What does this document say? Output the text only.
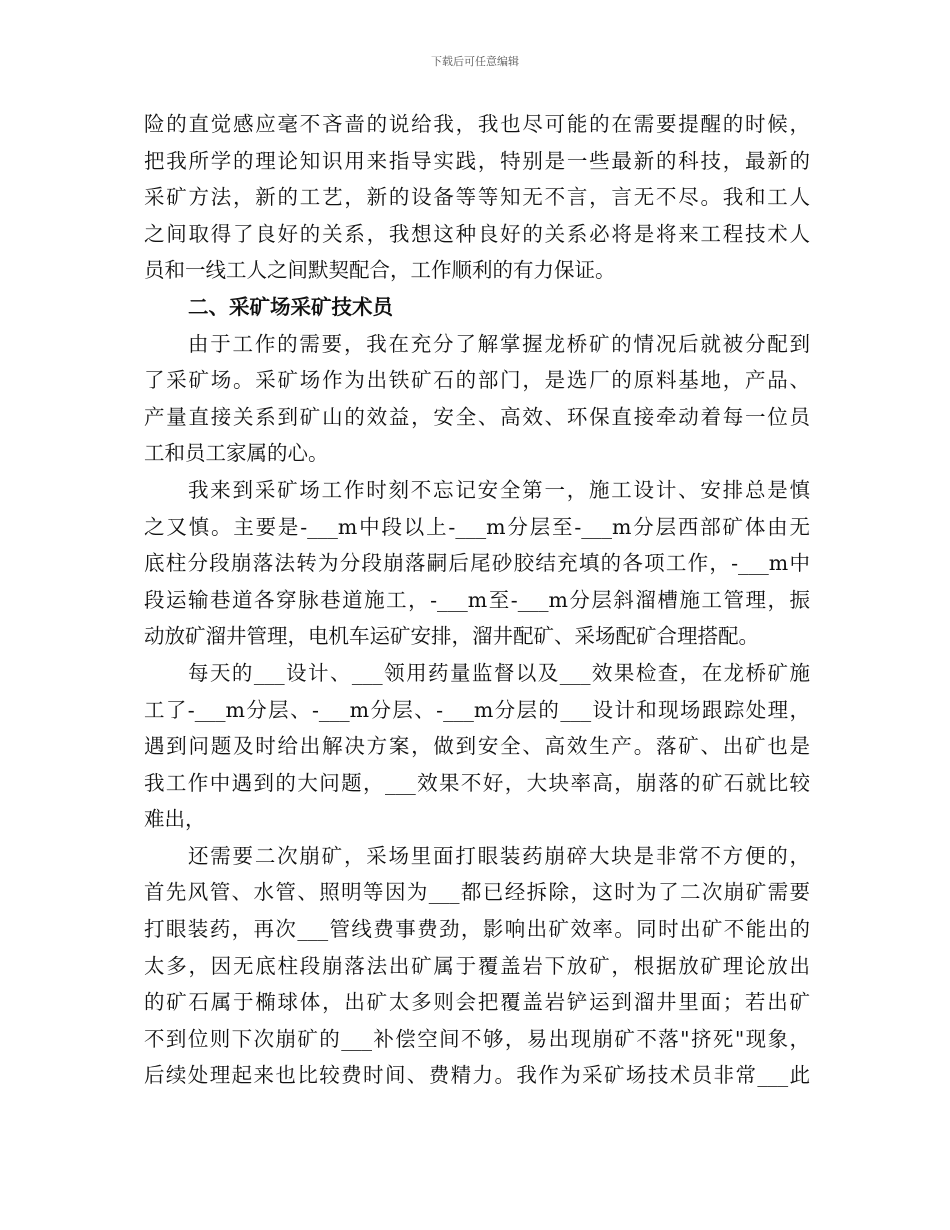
下载后可任意编辑
险的直觉感应毫不吝啬的说给我，我也尽可能的在需要提醒的时候，
把我所学的理论知识用来指导实践，特别是一些最新的科技，最新的
采矿方法，新的工艺，新的设备等等知无不言，言无不尽。我和工人
之间取得了良好的关系，我想这种良好的关系必将是将来工程技术人
员和一线工人之间默契配合，工作顺利的有力保证。
二、采矿场采矿技术员
由于工作的需要，我在充分了解掌握龙桥矿的情况后就被分配到
了采矿场。采矿场作为出铁矿石的部门，是选厂的原料基地，产品、
产量直接关系到矿山的效益，安全、高效、环保直接牵动着每一位员
工和员工家属的心。
我来到采矿场工作时刻不忘记安全第一，施工设计、安排总是慎
之又慎。主要是-___m中段以上-___m分层至-___m分层西部矿体由无
底柱分段崩落法转为分段崩落嗣后尾砂胶结充填的各项工作，-___m中
段运输巷道各穿脉巷道施工，-___m至-___m分层斜溜槽施工管理，振
动放矿溜井管理，电机车运矿安排，溜井配矿、采场配矿合理搭配。
每天的___设计、___领用药量监督以及___效果检查，在龙桥矿施
工了-___m分层、-___m分层、-___m分层的___设计和现场跟踪处理，
遇到问题及时给出解决方案，做到安全、高效生产。落矿、出矿也是
我工作中遇到的大问题，___效果不好，大块率高，崩落的矿石就比较
难出，
还需要二次崩矿，采场里面打眼装药崩碎大块是非常不方便的，
首先风管、水管、照明等因为___都已经拆除，这时为了二次崩矿需要
打眼装药，再次___管线费事费劲，影响出矿效率。同时出矿不能出的
太多，因无底柱段崩落法出矿属于覆盖岩下放矿，根据放矿理论放出
的矿石属于椭球体，出矿太多则会把覆盖岩铲运到溜井里面；若出矿
不到位则下次崩矿的___补偿空间不够，易出现崩矿不落"挤死"现象，
后续处理起来也比较费时间、费精力。我作为采矿场技术员非常___此
